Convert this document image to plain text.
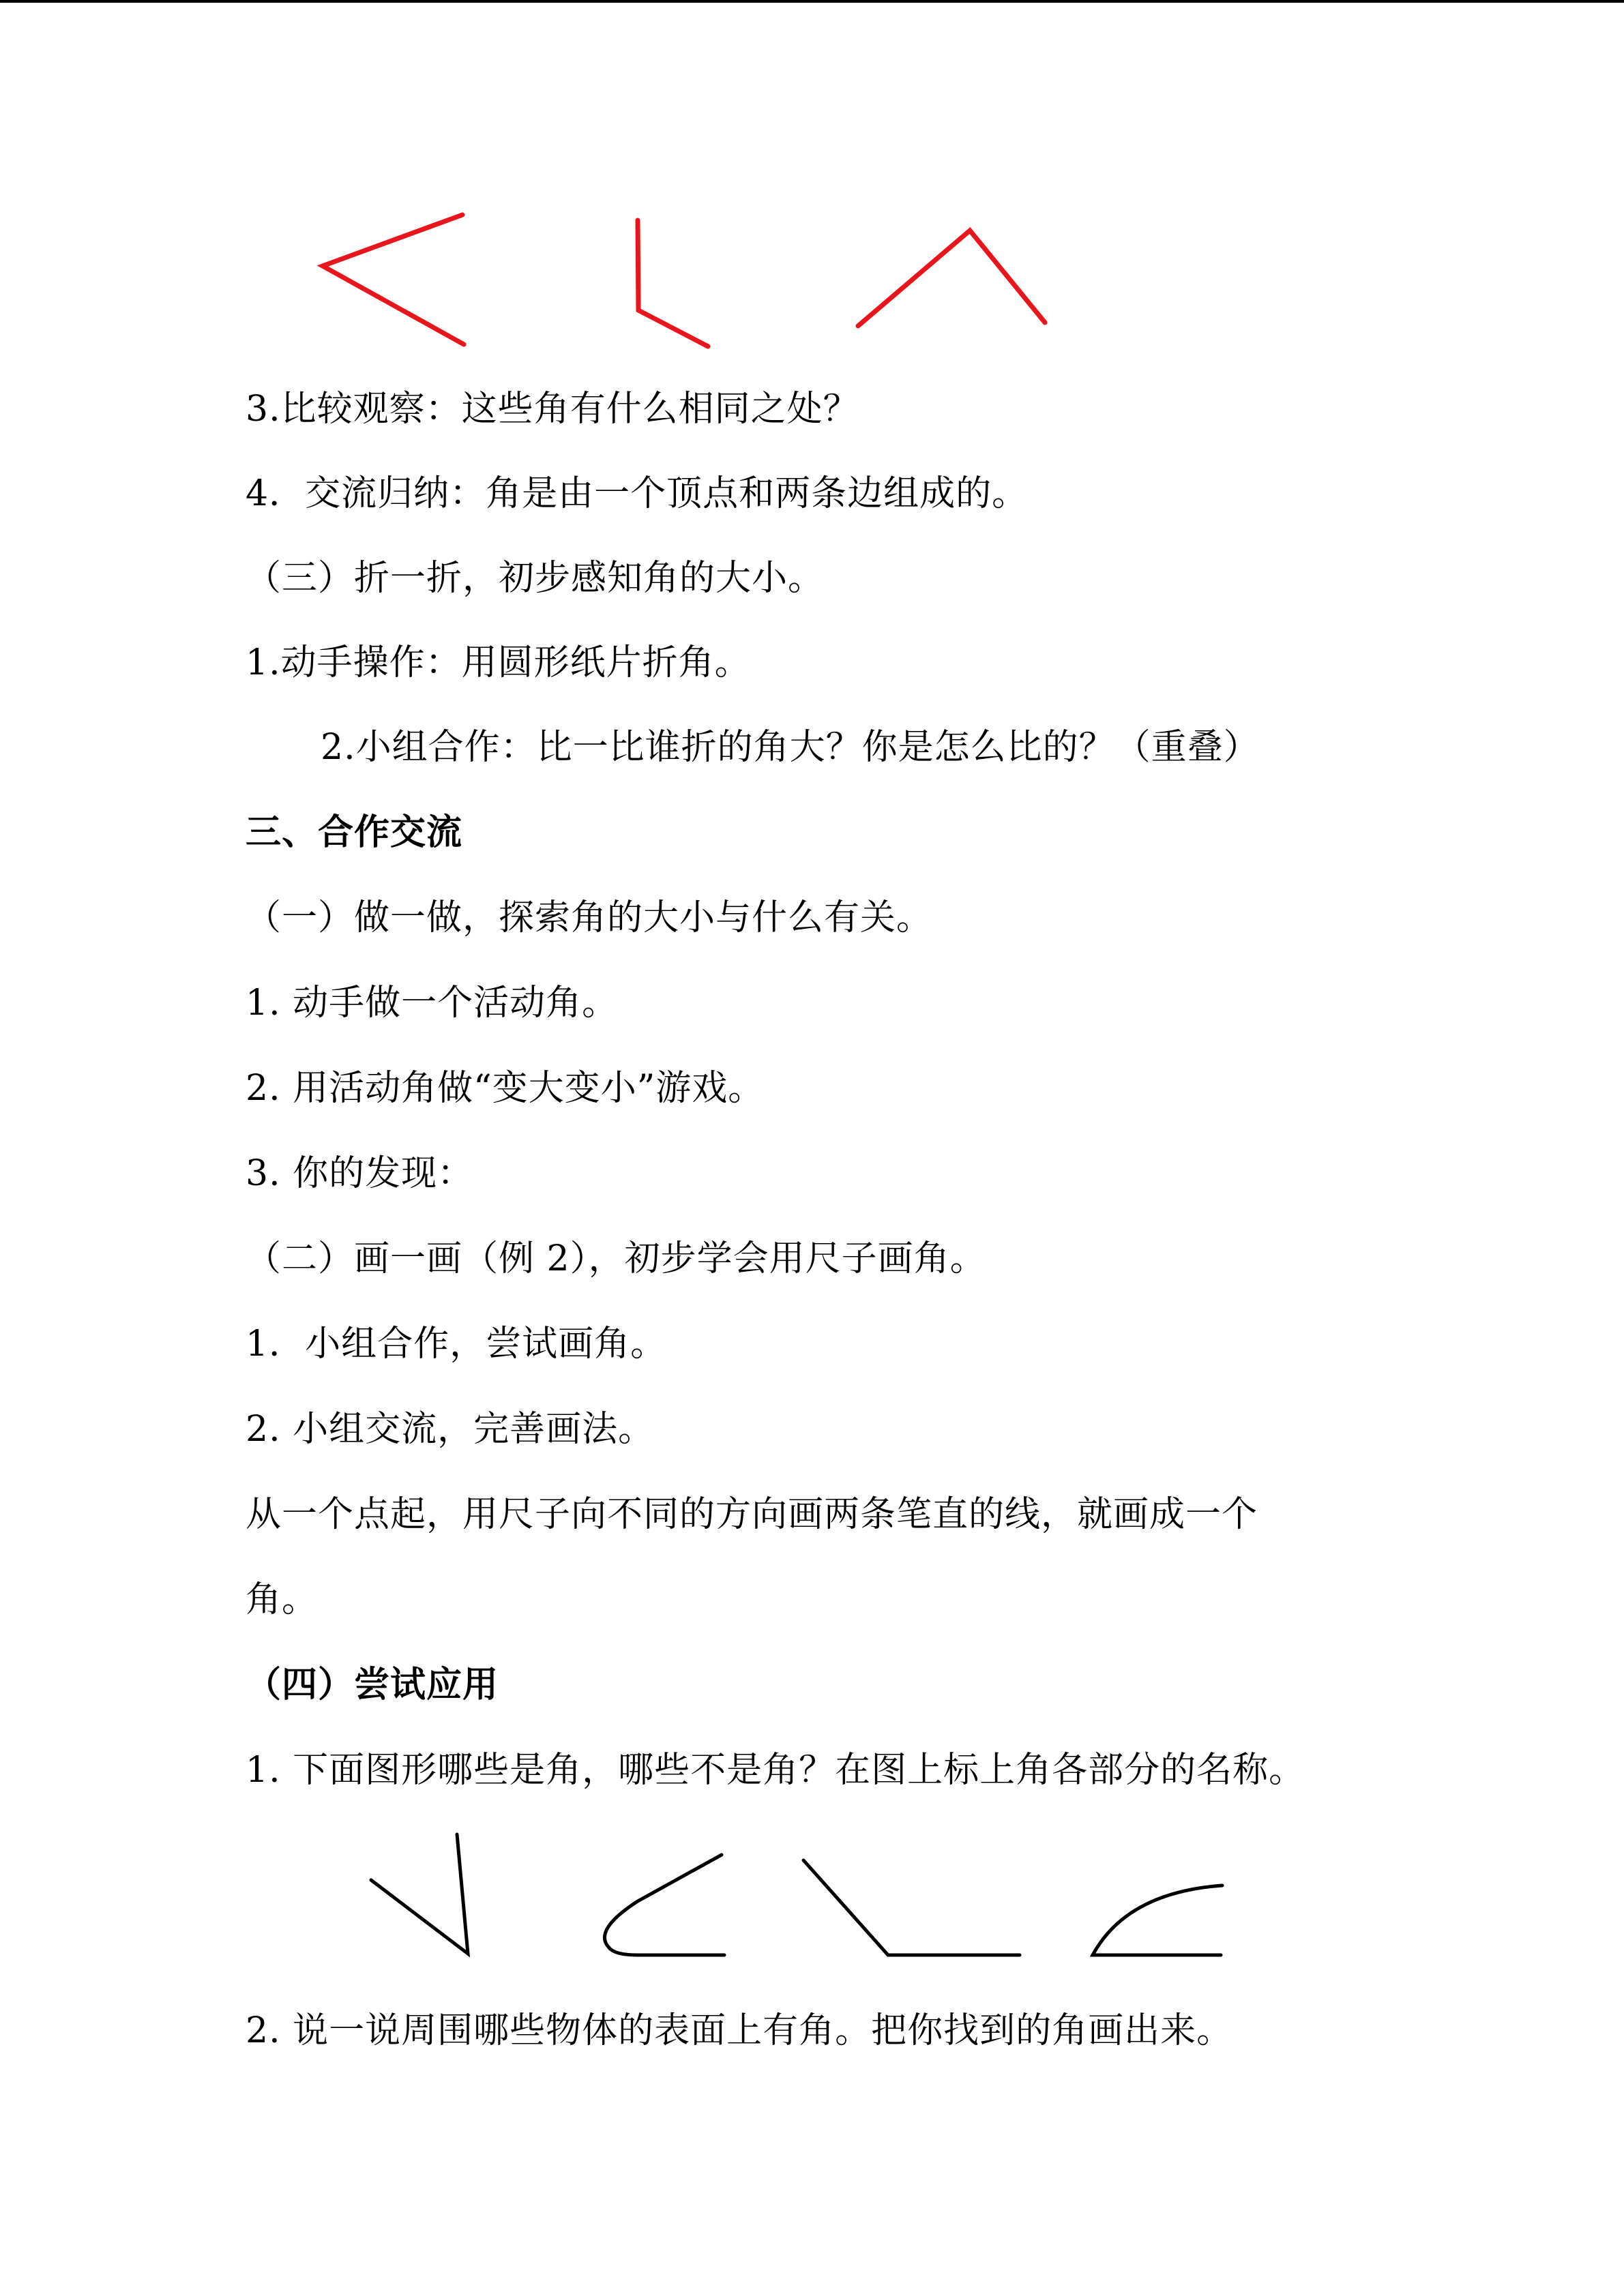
3.比较观察：这些角有什么相同之处？

4．交流归纳：角是由一个顶点和两条边组成的。

（三）折一折，初步感知角的大小。

1.动手操作：用圆形纸片折角。

2.小组合作：比一比谁折的角大？你是怎么比的？（重叠）

三、合作交流

（一）做一做，探索角的大小与什么有关。

1. 动手做一个活动角。

2. 用活动角做“变大变小”游戏。

3. 你的发现：

（二）画一画（例 2），初步学会用尺子画角。

1．小组合作，尝试画角。

2. 小组交流，完善画法。

从一个点起，用尺子向不同的方向画两条笔直的线，就画成一个

角。

（四）尝试应用

1. 下面图形哪些是角，哪些不是角？在图上标上角各部分的名称。

2. 说一说周围哪些物体的表面上有角。把你找到的角画出来。
